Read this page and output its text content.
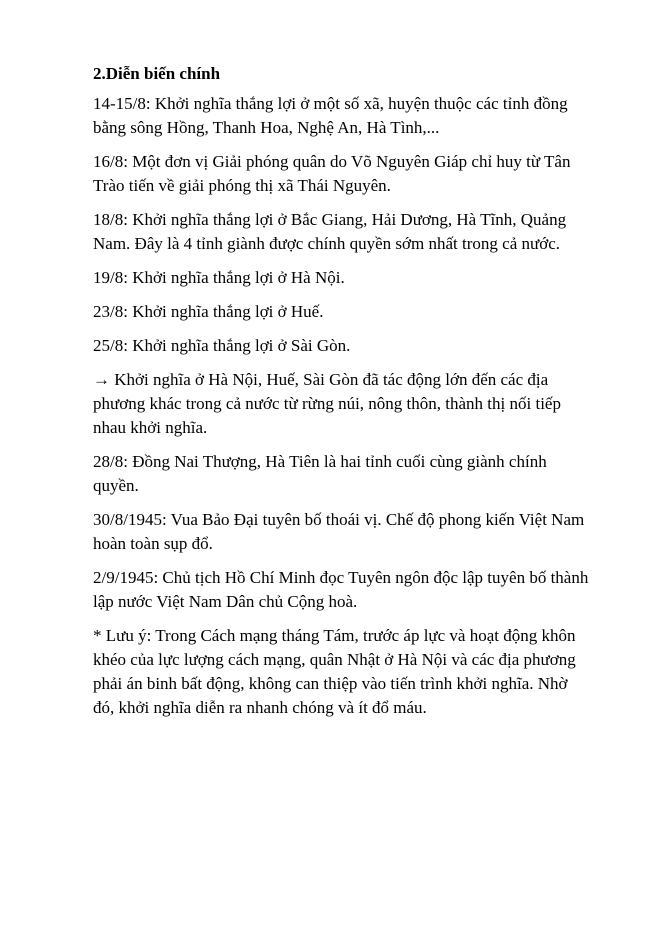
2.Diễn biến chính
14-15/8: Khởi nghĩa thắng lợi ở một số xã, huyện thuộc các tỉnh đồng bằng sông Hồng, Thanh Hoa, Nghệ An, Hà Tình,...
16/8: Một đơn vị Giải phóng quân do Võ Nguyên Giáp chỉ huy từ Tân Trào tiến về giải phóng thị xã Thái Nguyên.
18/8: Khởi nghĩa thắng lợi ở Bắc Giang, Hải Dương, Hà Tĩnh, Quảng Nam. Đây là 4 tỉnh giành được chính quyền sớm nhất trong cả nước.
19/8: Khởi nghĩa thắng lợi ở Hà Nội.
23/8: Khởi nghĩa thắng lợi ở Huế.
25/8: Khởi nghĩa thắng lợi ở Sài Gòn.
→ Khởi nghĩa ở Hà Nội, Huế, Sài Gòn đã tác động lớn đến các địa phương khác trong cả nước từ rừng núi, nông thôn, thành thị nối tiếp nhau khởi nghĩa.
28/8: Đồng Nai Thượng, Hà Tiên là hai tỉnh cuối cùng giành chính quyền.
30/8/1945: Vua Bảo Đại tuyên bố thoái vị. Chế độ phong kiến Việt Nam hoàn toàn sụp đổ.
2/9/1945: Chủ tịch Hồ Chí Minh đọc Tuyên ngôn độc lập tuyên bố thành lập nước Việt Nam Dân chủ Cộng hoà.
* Lưu ý: Trong Cách mạng tháng Tám, trước áp lực và hoạt động khôn khéo của lực lượng cách mạng, quân Nhật ở Hà Nội và các địa phương phải án binh bất động, không can thiệp vào tiến trình khởi nghĩa. Nhờ đó, khởi nghĩa diễn ra nhanh chóng và ít đổ máu.
